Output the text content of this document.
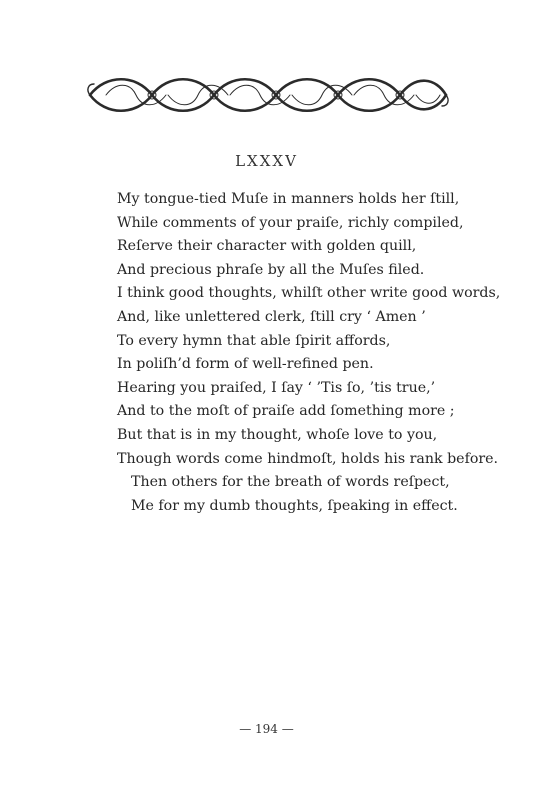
LXXXV
My tongue-tied Muſe in manners holds her ſtill,
While comments of your praiſe, richly compiled,
Reſerve their character with golden quill,
And precious phraſe by all the Muſes filed.
I think good thoughts, whilſt other write good words,
And, like unlettered clerk, ſtill cry ‘ Amen ’
To every hymn that able ſpirit affords,
In poliſh’d form of well-refined pen.
Hearing you praiſed, I ſay ‘ ’Tis ſo, ’tis true,’
And to the moſt of praiſe add ſomething more ;
But that is in my thought, whoſe love to you,
Though words come hindmoſt, holds his rank before.
Then others for the breath of words reſpect,
Me for my dumb thoughts, ſpeaking in effect.
— 194 —
